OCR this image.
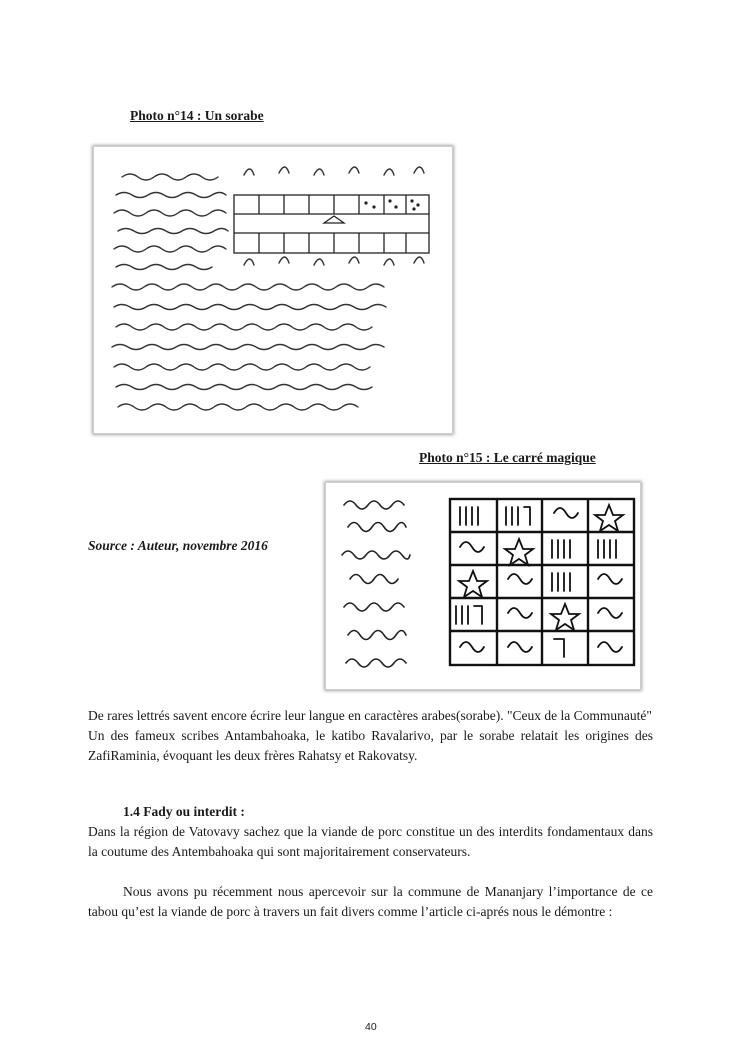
Photo n°14 : Un sorabe
Photo n°15 : Le carré magique
Source : Auteur, novembre 2016
De rares lettrés savent encore écrire leur langue en caractères arabes(sorabe). "Ceux de la Communauté"
Un des fameux scribes Antambahoaka, le katibo Ravalarivo, par le sorabe relatait les origines des ZafiRaminia, évoquant les deux frères Rahatsy et Rakovatsy.
1.4 Fady ou interdit :
Dans la région de Vatovavy sachez que la viande de porc constitue un des interdits fondamentaux dans la coutume des Antembahoaka qui sont majoritairement conservateurs.
Nous avons pu récemment nous apercevoir sur la commune de Mananjary l’importance de ce tabou qu’est la viande de porc à travers un fait divers comme l’article ci-aprés nous le démontre :
40
